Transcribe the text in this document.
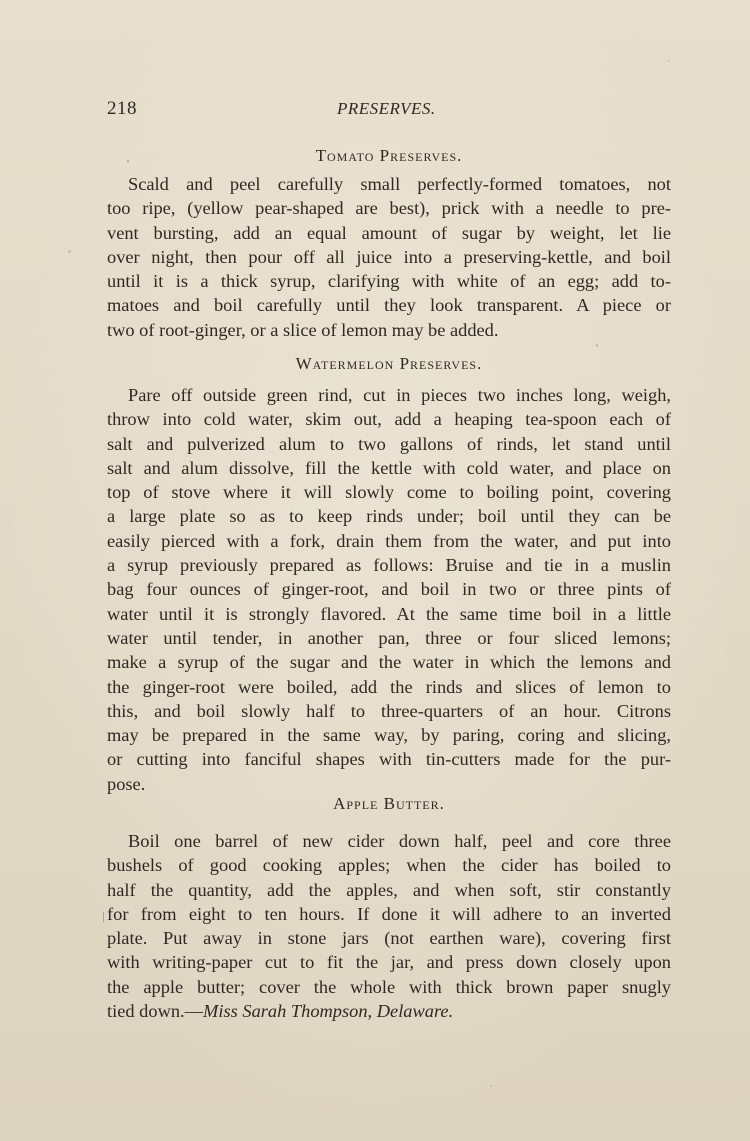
218	PRESERVES.
Tomato Preserves.
Scald and peel carefully small perfectly-formed tomatoes, not
too ripe, (yellow pear-shaped are best), prick with a needle to pre-
vent bursting, add an equal amount of sugar by weight, let lie
over night, then pour off all juice into a preserving-kettle, and boil
until it is a thick syrup, clarifying with white of an egg; add to-
matoes and boil carefully until they look transparent. A piece or
two of root-ginger, or a slice of lemon may be added.
Watermelon Preserves.
Pare off outside green rind, cut in pieces two inches long, weigh,
throw into cold water, skim out, add a heaping tea-spoon each of
salt and pulverized alum to two gallons of rinds, let stand until
salt and alum dissolve, fill the kettle with cold water, and place on
top of stove where it will slowly come to boiling point, covering
a large plate so as to keep rinds under; boil until they can be
easily pierced with a fork, drain them from the water, and put into
a syrup previously prepared as follows: Bruise and tie in a muslin
bag four ounces of ginger-root, and boil in two or three pints of
water until it is strongly flavored. At the same time boil in a little
water until tender, in another pan, three or four sliced lemons;
make a syrup of the sugar and the water in which the lemons and
the ginger-root were boiled, add the rinds and slices of lemon to
this, and boil slowly half to three-quarters of an hour. Citrons
may be prepared in the same way, by paring, coring and slicing,
or cutting into fanciful shapes with tin-cutters made for the pur-
pose.
Apple Butter.
Boil one barrel of new cider down half, peel and core three
bushels of good cooking apples; when the cider has boiled to
half the quantity, add the apples, and when soft, stir constantly
for from eight to ten hours. If done it will adhere to an inverted
plate. Put away in stone jars (not earthen ware), covering first
with writing-paper cut to fit the jar, and press down closely upon
the apple butter; cover the whole with thick brown paper snugly
tied down.—Miss Sarah Thompson, Delaware.
